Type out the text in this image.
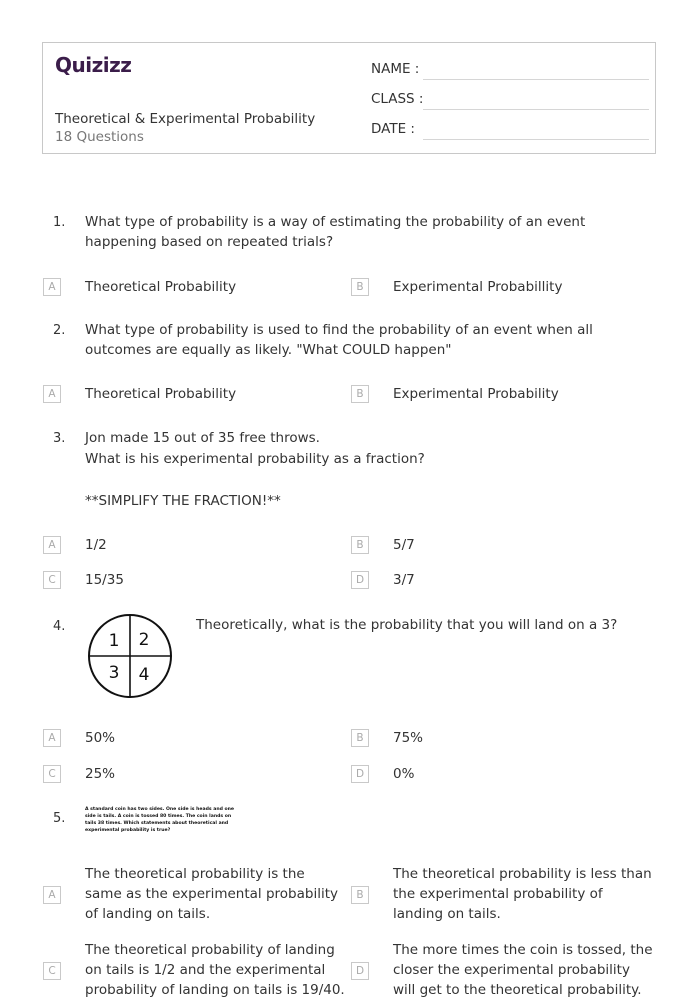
Quizizz
Theoretical & Experimental Probability
18 Questions
NAME :
CLASS :
DATE :
1. What type of probability is a way of estimating the probability of an event happening based on repeated trials?
A	Theoretical Probability	B	Experimental Probabillity
2. What type of probability is used to find the probability of an event when all outcomes are equally as likely. "What COULD happen"
A	Theoretical Probability	B	Experimental Probability
3. Jon made 15 out of 35 free throws.
What is his experimental probability as a fraction?
**SIMPLIFY THE FRACTION!**
A	1/2	B	5/7
C	15/35	D	3/7
4.
1 2
3 4
Theoretically, what is the probability that you will land on a 3?
A	50%	B	75%
C	25%	D	0%
5.
A standard coin has two sides. One side is heads and one side is tails. A coin is tossed 80 times. The coin lands on tails 38 times. Which statements about theoretical and experimental probability is true?
A
The theoretical probability is the same as the experimental probability of landing on tails.
B
The theoretical probability is less than the experimental probability of landing on tails.
C
The theoretical probability of landing on tails is 1/2 and the experimental probability of landing on tails is 19/40.
D
The more times the coin is tossed, the closer the experimental probability will get to the theoretical probability.
